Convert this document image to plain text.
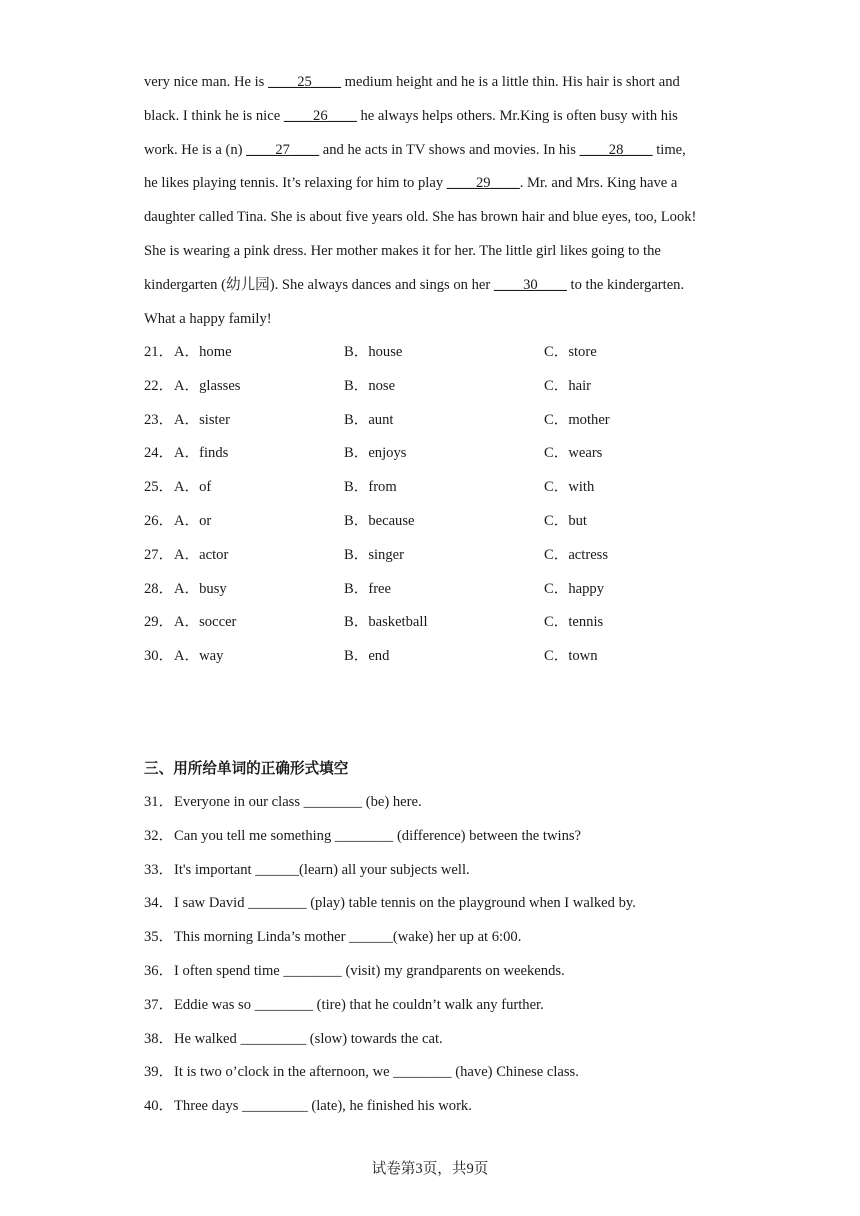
very nice man. He is ____25____ medium height and he is a little thin. His hair is short and
black. I think he is nice ____26____ he always helps others. Mr.King is often busy with his
work. He is a (n) ____27____ and he acts in TV shows and movies. In his ____28____ time,
he likes playing tennis. It’s relaxing for him to play ____29____. Mr. and Mrs. King have a
daughter called Tina. She is about five years old. She has brown hair and blue eyes, too, Look!
She is wearing a pink dress. Her mother makes it for her. The little girl likes going to the
kindergarten (幼儿园). She always dances and sings on her ____30____ to the kindergarten.
What a happy family!
21． A．home	B．house	C．store
22． A．glasses	B．nose	C．hair
23． A．sister	B．aunt	C．mother
24． A．finds	B．enjoys	C．wears
25． A．of	B．from	C．with
26． A．or	B．because	C．but
27． A．actor	B．singer	C．actress
28． A．busy	B．free	C．happy
29． A．soccer	B．basketball	C．tennis
30． A．way	B．end	C．town
三、用所给单词的正确形式填空
31．Everyone in our class ________ (be) here.
32．Can you tell me something ________ (difference) between the twins?
33．It's important ______(learn) all your subjects well.
34．I saw David ________ (play) table tennis on the playground when I walked by.
35．This morning Linda’s mother ______(wake) her up at 6:00.
36．I often spend time ________ (visit) my grandparents on weekends.
37．Eddie was so ________ (tire) that he couldn’t walk any further.
38．He walked _________ (slow) towards the cat.
39．It is two o’clock in the afternoon, we ________ (have) Chinese class.
40．Three days _________ (late), he finished his work.
试卷第3页，共9页
